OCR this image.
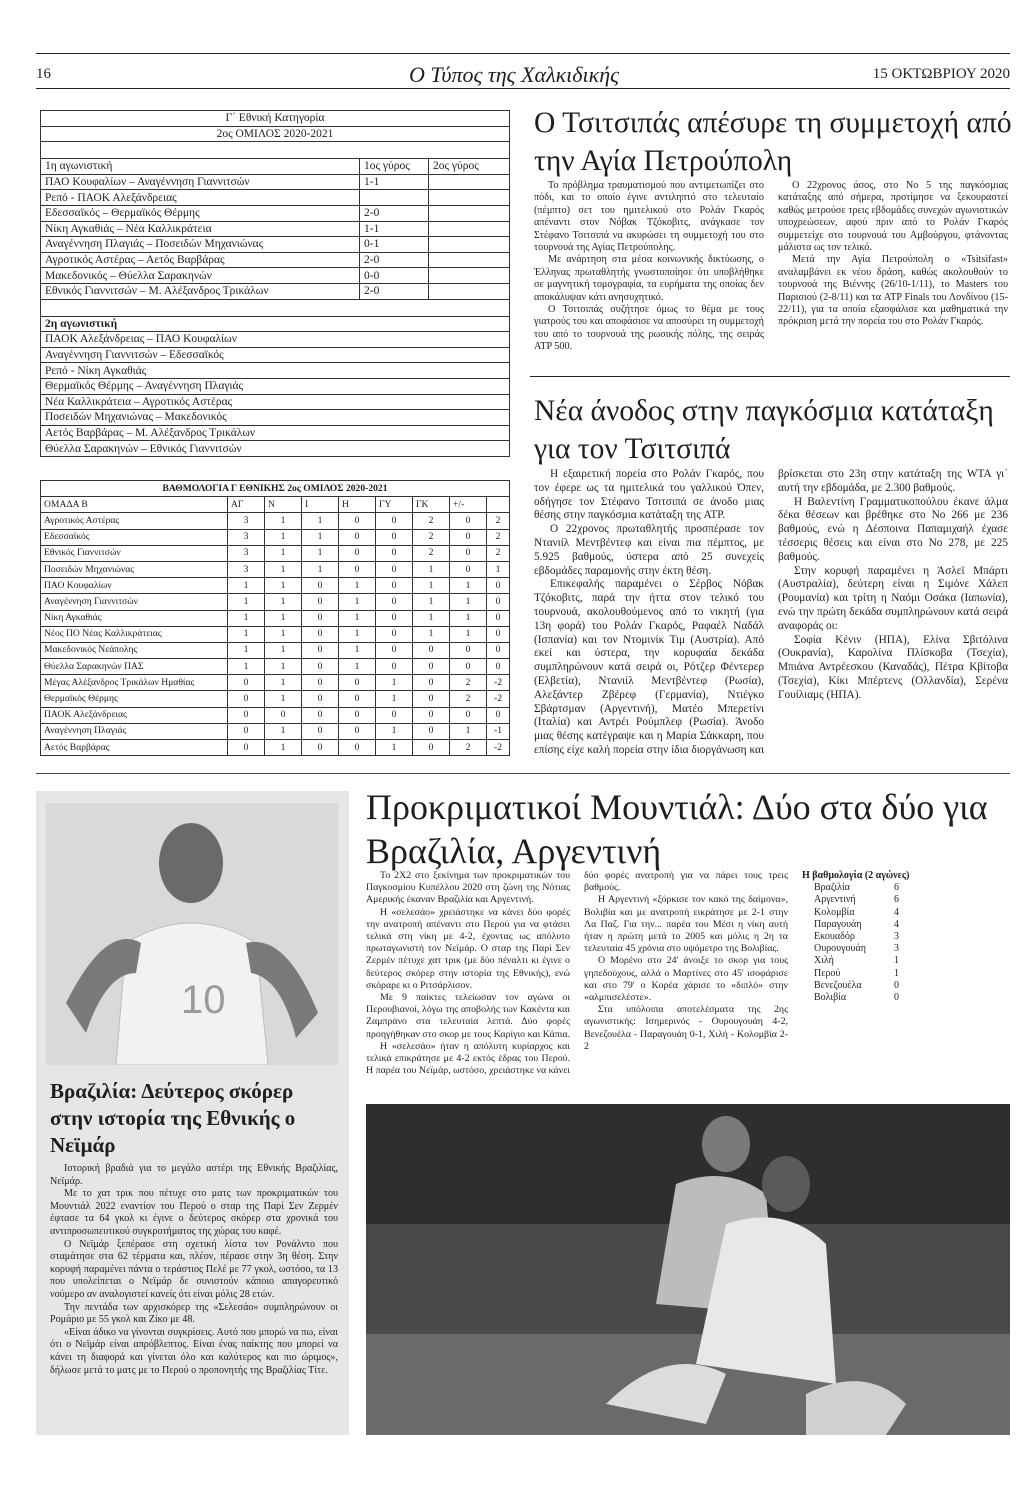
16	Ο Τύπος της Χαλκιδικής	15 ΟΚΤΩΒΡΙΟΥ 2020
Γ΄ Εθνική Κατηγορία		
2ος ΟΜΙΛΟΣ 2020-2021		

1η αγωνιστική	1ος γύρος	2ος γύρος
ΠΑΟ Κουφαλίων – Αναγέννηση Γιαννιτσών	1-1	
Ρεπό - ΠΑΟΚ Αλεξάνδρειας		
Εδεσσαϊκός – Θερμαϊκός Θέρμης	2-0	
Νίκη Αγκαθιάς – Νέα Καλλικράτεια	1-1	
Αναγέννηση Πλαγιάς – Ποσειδών Μηχανιώνας	0-1	
Αγροτικός Αστέρας – Αετός Βαρβάρας	2-0	
Μακεδονικός – Θύελλα Σαρακηνών	0-0	
Εθνικός Γιαννιτσών – Μ. Αλέξανδρος Τρικάλων	2-0	

2η αγωνιστική		
ΠΑΟΚ Αλεξάνδρειας – ΠΑΟ Κουφαλίων		
Αναγέννηση Γιαννιτσών – Εδεσσαϊκός		
Ρεπό - Νίκη Αγκαθιάς		
Θερμαϊκός Θέρμης – Αναγέννηση Πλαγιάς		
Νέα Καλλικράτεια – Αγροτικός Αστέρας		
Ποσειδών Μηχανιώνας – Μακεδονικός		
Αετός Βαρβάρας – Μ. Αλέξανδρος Τρικάλων		
Θύελλα Σαρακηνών – Εθνικός Γιαννιτσών		
ΒΑΘΜΟΛΟΓΙΑ Γ ΕΘΝΙΚΗΣ 2ος ΟΜΙΛΟΣ 2020-2021								
ΟΜΑΔΑ Β	ΑΓ	Ν	Ι	Η	ΓΥ	ΓΚ	+/-	
Αγροτικός Αστέρας	3	1	1	0	0	2	0	2
Εδεσσαϊκός	3	1	1	0	0	2	0	2
Εθνικός Γιαννιτσών	3	1	1	0	0	2	0	2
Ποσειδών Μηχανιώνας	3	1	1	0	0	1	0	1
ΠΑΟ Κουφαλίων	1	1	0	1	0	1	1	0
Αναγέννηση Γιαννιτσών	1	1	0	1	0	1	1	0
Νίκη Αγκαθιάς	1	1	0	1	0	1	1	0
Νέος ΠΟ Νέας Καλλικράτειας	1	1	0	1	0	1	1	0
Μακεδονικός Νεάπολης	1	1	0	1	0	0	0	0
Θύελλα Σαρακηνών ΠΑΣ	1	1	0	1	0	0	0	0
Μέγας Αλέξανδρος Τρικάλων Ημαθίας	0	1	0	0	1	0	2	-2
Θερμαϊκός Θέρμης	0	1	0	0	1	0	2	-2
ΠΑΟΚ Αλεξάνδρειας	0	0	0	0	0	0	0	0
Αναγέννηση Πλαγιάς	0	1	0	0	1	0	1	-1
Αετός Βαρβάρας	0	1	0	0	1	0	2	-2
Ο Τσιτσιπάς απέσυρε τη συμμετοχή από την Αγία Πετρούπολη

Το πρόβλημα τραυματισμού που αντιμετωπίζει στο πόδι, και το οποίο έγινε αντιληπτό στο τελευταίο (πέμπτο) σετ του ημιτελικού στο Ρολάν Γκαρός απέναντι στον Νόβακ Τζόκοβιτς, ανάγκασε τον Στέφανο Τσιτσιπά να ακυρώσει τη συμμετοχή του στο τουρνουά της Αγίας Πετρούπολης.

Με ανάρτηση στα μέσα κοινωνικής δικτύωσης, ο Έλληνας πρωταθλητής γνωστοποίησε ότι υποβλήθηκε σε μαγνητική τομογραφία, τα ευρήματα της οποίας δεν αποκάλυψαν κάτι ανησυχητικό.

Ο Τσιτσιπάς συζήτησε όμως το θέμα με τους γιατρούς του και αποφάσισε να αποσύρει τη συμμετοχή του από το τουρνουά της ρωσικής πόλης, της σειράς ATP 500.

Ο 22χρονος άσος, στο Νο 5 της παγκόσμιας κατάταξης από σήμερα, προτίμησε να ξεκουραστεί καθώς μετρούσε τρεις εβδομάδες συνεχών αγωνιστικών υποχρεώσεων, αφού πριν από το Ρολάν Γκαρός συμμετείχε στο τουρνουά του Αμβούργου, φτάνοντας μάλιστα ως τον τελικό.

Μετά την Αγία Πετρούπολη ο «Tsitsifast» αναλαμβάνει εκ νέου δράση, καθώς ακολουθούν το τουρνουά της Βιέννης (26/10-1/11), το Masters του Παρισιού (2-8/11) και τα ATP Finals του Λονδίνου (15-22/11), για τα οποία εξασφάλισε και μαθηματικά την πρόκριση μετά την πορεία του στο Ρολάν Γκαρός.

Νέα άνοδος στην παγκόσμια κατάταξη για τον Τσιτσιπά

Η εξαιρετική πορεία στο Ρολάν Γκαρός, που τον έφερε ως τα ημιτελικά του γαλλικού Όπεν, οδήγησε τον Στέφανο Τσιτσιπά σε άνοδο μιας θέσης στην παγκόσμια κατάταξη της ATP.

Ο 22χρονος πρωταθλητής προσπέρασε τον Ντανιίλ Μεντβέντεφ και είναι πια πέμπτος, με 5.925 βαθμούς, ύστερα από 25 συνεχείς εβδομάδες παραμονής στην έκτη θέση.

Επικεφαλής παραμένει ο Σέρβος Νόβακ Τζόκοβιτς, παρά την ήττα στον τελικό του τουρνουά, ακολουθούμενος από το νικητή (για 13η φορά) του Ρολάν Γκαρός, Ραφαέλ Ναδάλ (Ισπανία) και τον Ντομινίκ Τιμ (Αυστρία). Από εκεί και ύστερα, την κορυφαία δεκάδα συμπληρώνουν κατά σειρά οι, Ρότζερ Φέντερερ (Ελβετία), Ντανιίλ Μεντβέντεφ (Ρωσία), Αλεξάντερ Ζβέρεφ (Γερμανία), Ντιέγκο Σβάρτσμαν (Αργεντινή), Ματέο Μπερετίνι (Ιταλία) και Αντρέι Ρούμπλεφ (Ρωσία). Άνοδο μιας θέσης κατέγραψε και η Μαρία Σάκκαρη, που επίσης είχε καλή πορεία στην ίδια διοργάνωση και βρίσκεται στο 23η στην κατάταξη της WTA γι΄ αυτή την εβδομάδα, με 2.300 βαθμούς.

Η Βαλεντίνη Γραμματικοπούλου έκανε άλμα δέκα θέσεων και βρέθηκε στο Νο 266 με 236 βαθμούς, ενώ η Δέσποινα Παπαμιχαήλ έχασε τέσσερις θέσεις και είναι στο Νο 278, με 225 βαθμούς.

Στην κορυφή παραμένει η Άσλεϊ Μπάρτι (Αυστραλία), δεύτερη είναι η Σιμόνε Χάλεπ (Ρουμανία) και τρίτη η Ναόμι Οσάκα (Ιαπωνία), ενώ την πρώτη δεκάδα συμπληρώνουν κατά σειρά αναφοράς οι:

Σοφία Κένιν (ΗΠΑ), Ελίνα Σβιτόλινα (Ουκρανία), Καρολίνα Πλίσκοβα (Τσεχία), Μπιάνα Αντρέεσκου (Καναδάς), Πέτρα Κβίτοβα (Τσεχία), Κίκι Μπέρτενς (Ολλανδία), Σερένα Γουίλιαμς (ΗΠΑ).

10
Βραζιλία: Δεύτερος σκόρερ στην ιστορία της Εθνικής ο Νεϊμάρ

Ιστορική βραδιά για το μεγάλο αστέρι της Εθνικής Βραζιλίας, Νεϊμάρ.

Με το χατ τρικ που πέτυχε στο ματς των προκριματικών του Μουντιάλ 2022 εναντίον του Περού ο σταρ της Παρί Σεν Ζερμέν έφτασε τα 64 γκολ κι έγινε ο δεύτερος σκόρερ στα χρονικά του αντιπροσωπευτικού συγκροτήματος της χώρας του καφέ.

Ο Νεϊμάρ ξεπέρασε στη σχετική λίστα τον Ρονάλντο που σταμάτησε στα 62 τέρματα και, πλέον, πέρασε στην 3η θέση. Στην κορυφή παραμένει πάντα ο τεράστιος Πελέ με 77 γκολ, ωστόσο, τα 13 που υπολείπεται ο Νεϊμάρ δε συνιστούν κάποιο απαγορευτικό νούμερο αν αναλογιστεί κανείς ότι είναι μόλις 28 ετών.

Την πεντάδα των αρχισκόρερ της «Σελεσάο» συμπληρώνουν οι Ρομάριο με 55 γκολ και Ζίκο με 48.

«Είναι άδικο να γίνονται συγκρίσεις. Αυτό που μπορώ να πω, είναι ότι ο Νεϊμάρ είναι απρόβλεπτος. Είναι ένας παίκτης που μπορεί να κάνει τη διαφορά και γίνεται όλο και καλύτερος και πιο ώριμος», δήλωσε μετά το ματς με το Περού ο προπονητής της Βραζιλίας Τίτε.

Προκριματικοί Μουντιάλ: Δύο στα δύο για Βραζιλία, Αργεντινή

Το 2Χ2 στο ξεκίνημα των προκριματικών του Παγκοσμίου Κυπέλλου 2020 στη ζώνη της Νότιας Αμερικής έκαναν Βραζιλία και Αργεντινή.

Η «σελεσάο» χρειάστηκε να κάνει δύο φορές την ανατροπή απέναντι στο Περού για να φτάσει τελικά στη νίκη με 4-2, έχοντας ως απόλυτο πρωταγωνιστή τον Νεϊμάρ. Ο σταρ της Παρί Σεν Ζερμέν πέτυχε χατ τρικ (με δύο πέναλτι κι έγινε ο δεύτερος σκόρερ στην ιστορία της Εθνικής), ενώ σκόραρε κι ο Ριτσάρλισον.

Με 9 παίκτες τελείωσαν τον αγώνα οι Περουβιανοί, λόγω της αποβολής των Κακέντα και Ζαμπράνο στα τελευταία λεπτά. Δύο φορές προηγήθηκαν στο σκορ με τους Καρίγιο και Κάπια.

Η «σελεσάο» ήταν η απόλυτη κυρίαρχος και τελικά επικράτησε με 4-2 εκτός έδρας του Περού. Η παρέα του Νεϊμάρ, ωστόσο, χρειάστηκε να κάνει δύο φορές ανατροπή για να πάρει τους τρεις βαθμούς.

Η Αργεντινή «ξόρκισε τον κακό της δαίμονα», Βολιβία και με ανατροπή εικράτησε με 2-1 στην Λα Παζ. Για την... παρέα του Μέσι η νίκη αυτή ήταν η πρώτη μετά το 2005 και μόλις η 2η τα τελευταία 45 χρόνια στο υψόμετρο της Βολιβίας.

Ο Μορένο στο 24' άνοιξε το σκορ για τους γηπεδούχους, αλλά ο Μαρτίνες στο 45' ισοφάρισε και στο 79' ο Κορέα χάρισε το «διπλό» στην «αλμπισελέστε».

Στα υπόλοιπα αποτελέσματα της 2ης αγωνιστικής: Ισημερινός - Ουρουγουάη 4-2, Βενεζουέλα - Παραγουάη 0-1, Χιλή - Κολομβία 2-2

Η βαθμολογία (2 αγώνες)
Βραζιλία	6
Αργεντινή	6
Κολομβία	4
Παραγουάη	4
Εκουαδόρ	3
Ουρουγουάη	3
Χιλή	1
Περού	1
Βενεζουέλα	0
Βολιβία	0
